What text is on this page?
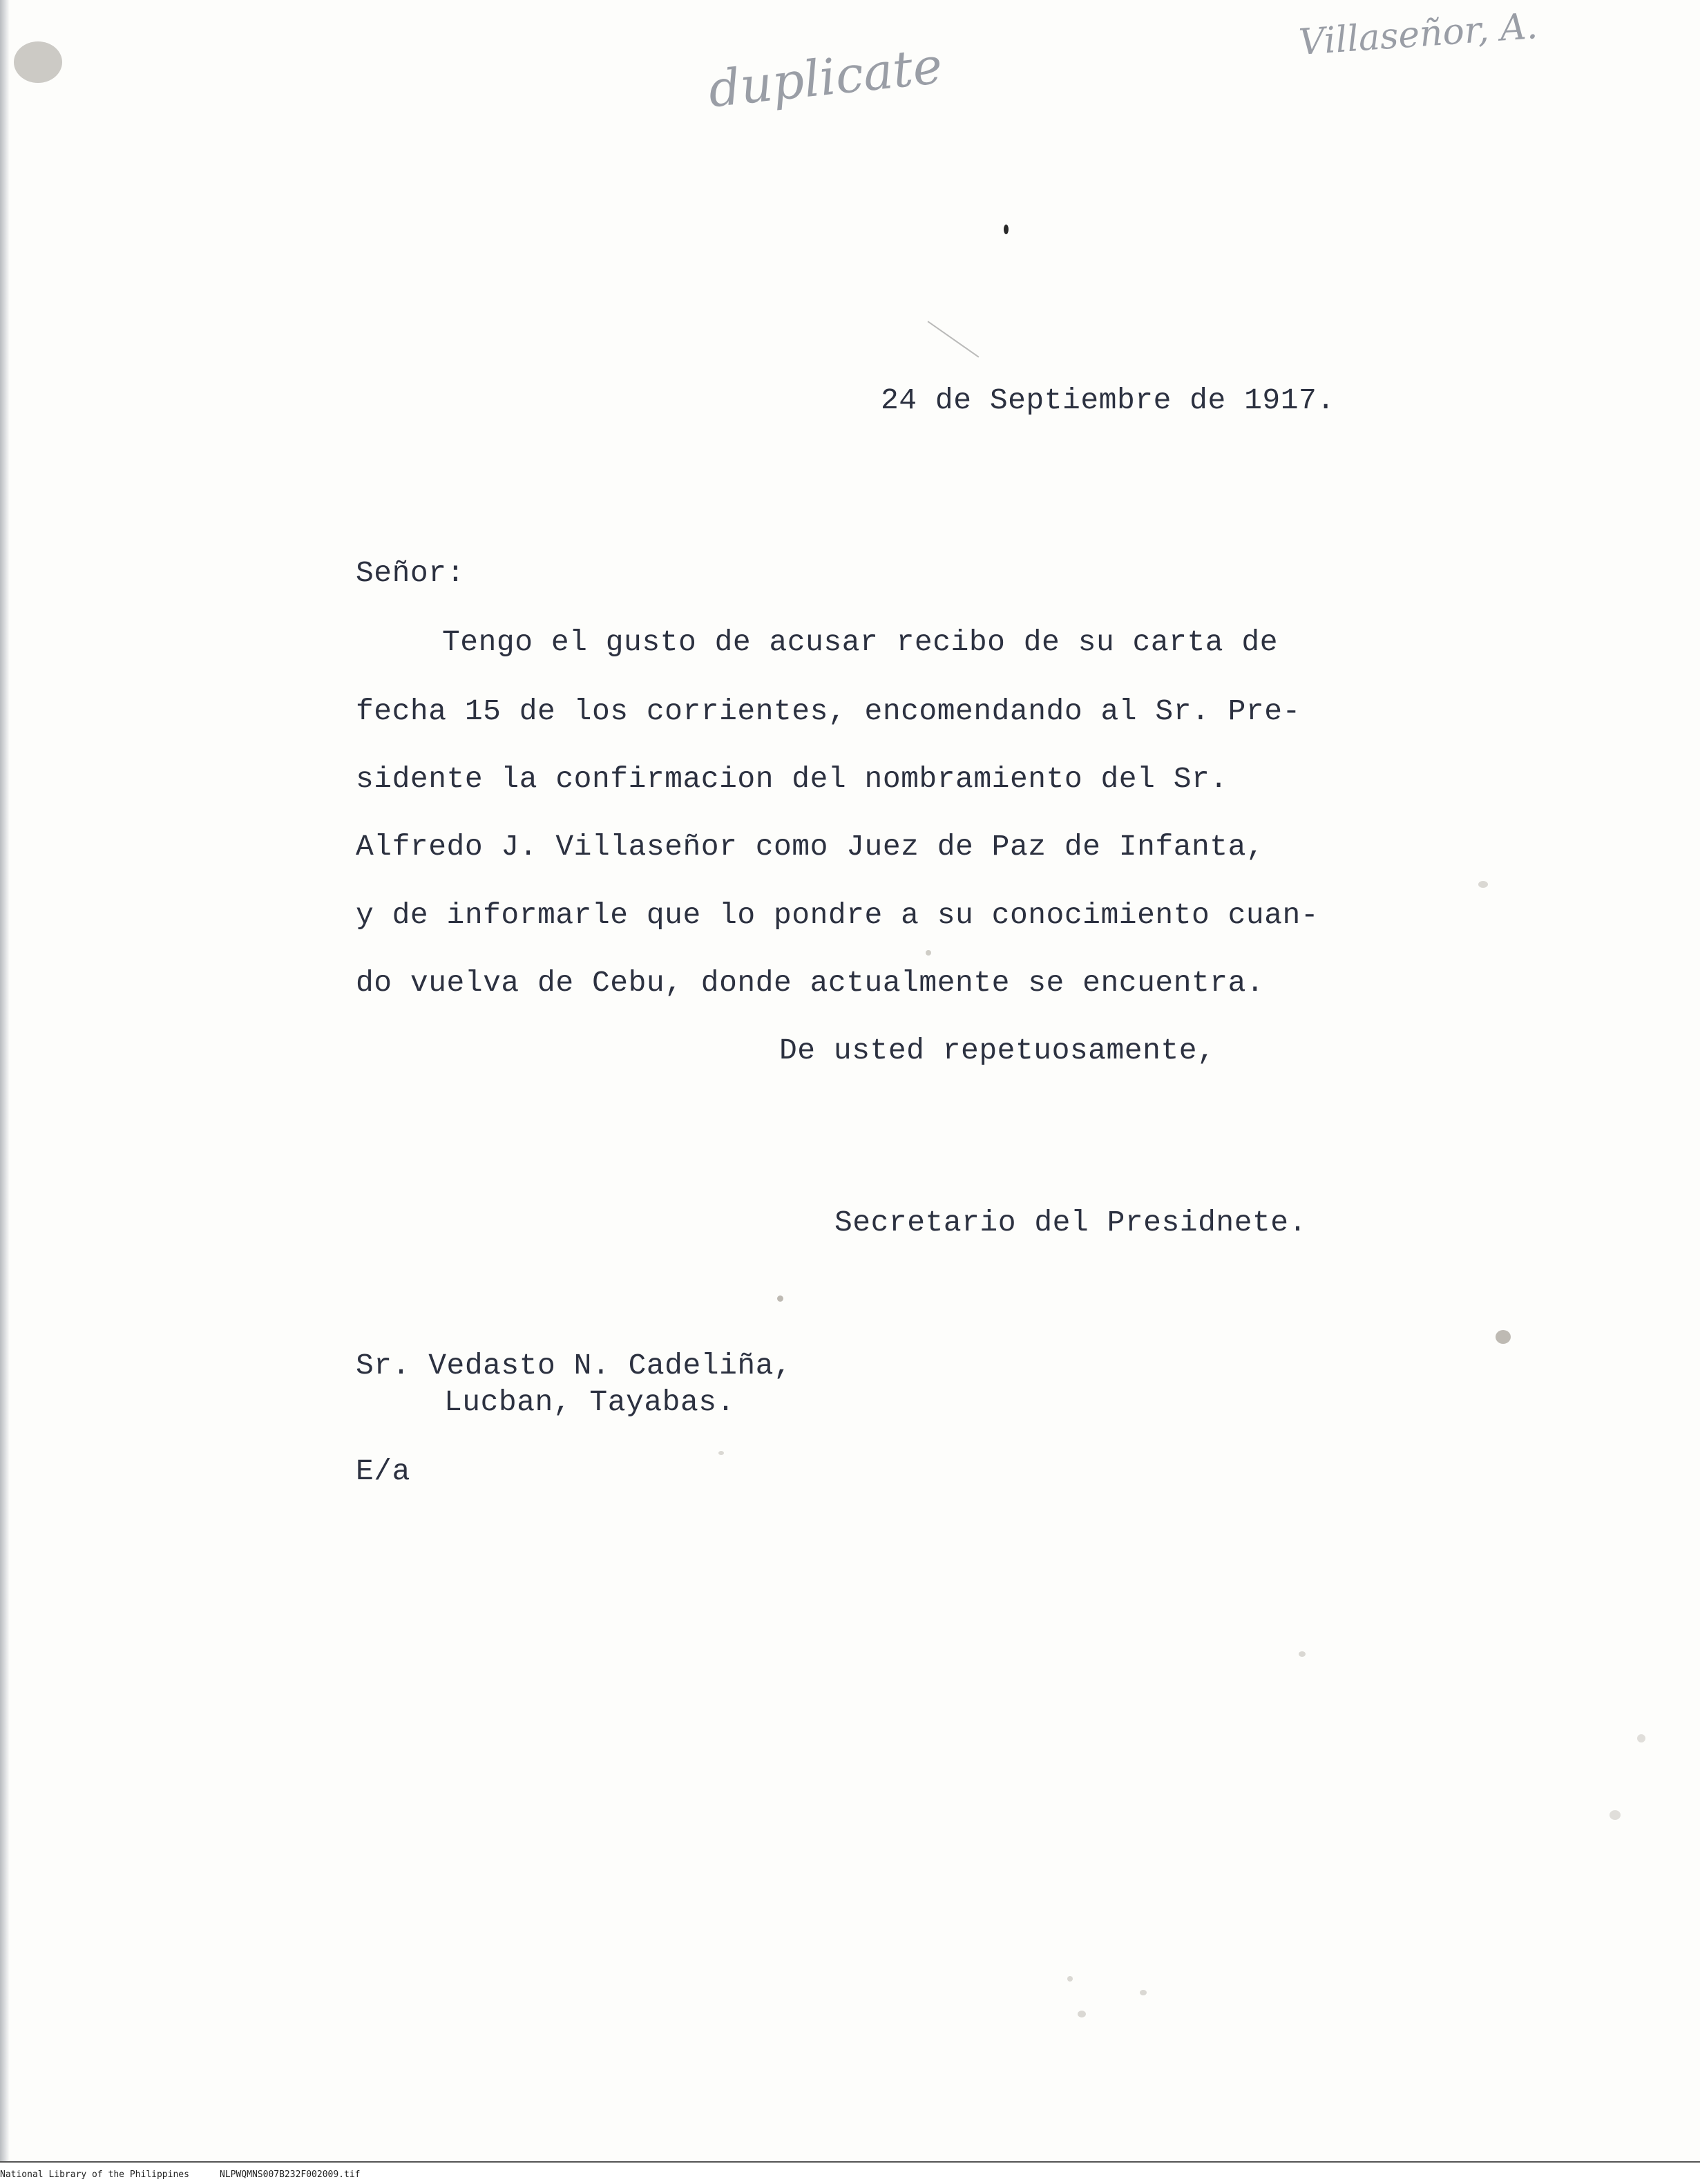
duplicate
Villaseñor, A.
24 de Septiembre de 1917.
Señor:
Tengo el gusto de acusar recibo de su carta de
fecha 15 de los corrientes, encomendando al Sr. Pre-
sidente la confirmacion del nombramiento del Sr.
Alfredo J. Villaseñor como Juez de Paz de Infanta,
y de informarle que lo pondre a su conocimiento cuan-
do vuelva de Cebu, donde actualmente se encuentra.
De usted repetuosamente,
Secretario del Presidnete.
Sr. Vedasto N. Cadeliña,
Lucban, Tayabas.
E/a
National Library of the Philippines	NLPWQMNS007B232F002009.tif
